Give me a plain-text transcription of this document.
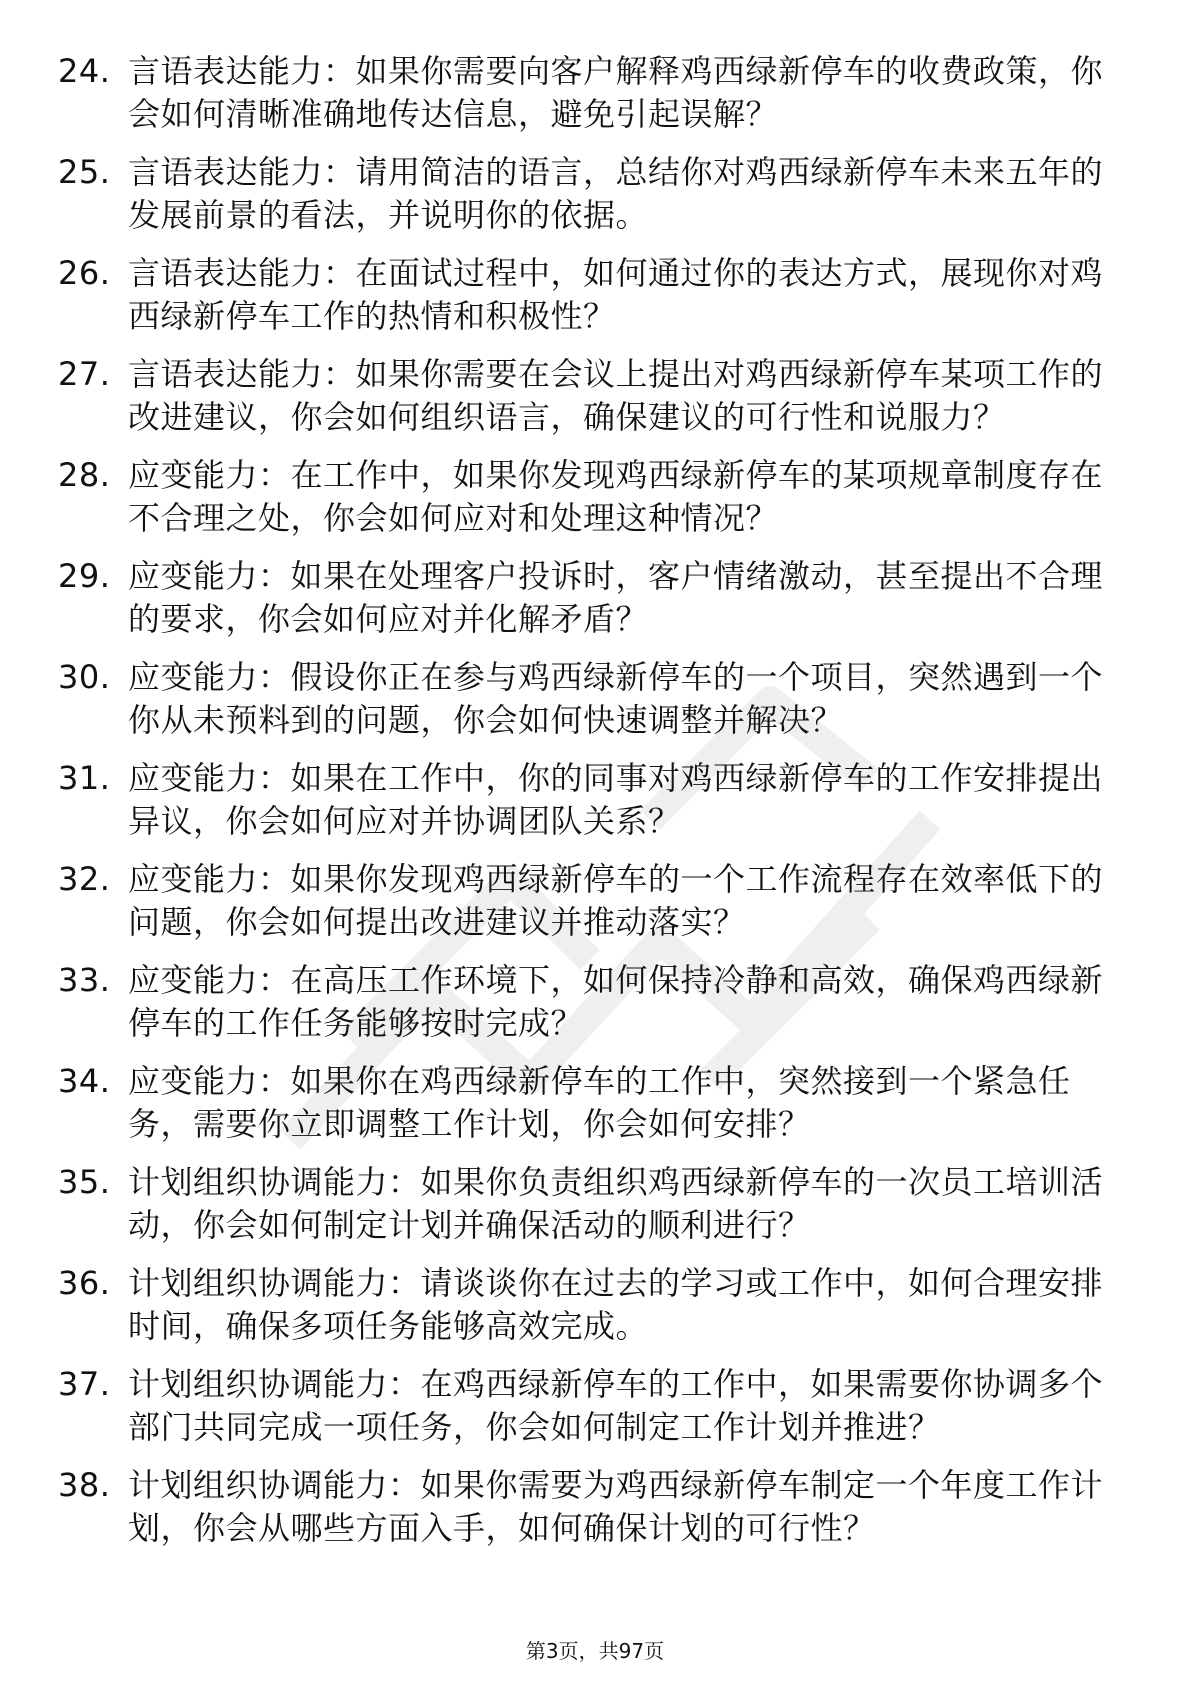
24. 言语表达能力：如果你需要向客户解释鸡西绿新停车的收费政策，你会如何清晰准确地传达信息，避免引起误解？
25. 言语表达能力：请用简洁的语言，总结你对鸡西绿新停车未来五年的发展前景的看法，并说明你的依据。
26. 言语表达能力：在面试过程中，如何通过你的表达方式，展现你对鸡西绿新停车工作的热情和积极性？
27. 言语表达能力：如果你需要在会议上提出对鸡西绿新停车某项工作的改进建议，你会如何组织语言，确保建议的可行性和说服力？
28. 应变能力：在工作中，如果你发现鸡西绿新停车的某项规章制度存在不合理之处，你会如何应对和处理这种情况？
29. 应变能力：如果在处理客户投诉时，客户情绪激动，甚至提出不合理的要求，你会如何应对并化解矛盾？
30. 应变能力：假设你正在参与鸡西绿新停车的一个项目，突然遇到一个你从未预料到的问题，你会如何快速调整并解决？
31. 应变能力：如果在工作中，你的同事对鸡西绿新停车的工作安排提出异议，你会如何应对并协调团队关系？
32. 应变能力：如果你发现鸡西绿新停车的一个工作流程存在效率低下的问题，你会如何提出改进建议并推动落实？
33. 应变能力：在高压工作环境下，如何保持冷静和高效，确保鸡西绿新停车的工作任务能够按时完成？
34. 应变能力：如果你在鸡西绿新停车的工作中，突然接到一个紧急任务，需要你立即调整工作计划，你会如何安排？
35. 计划组织协调能力：如果你负责组织鸡西绿新停车的一次员工培训活动，你会如何制定计划并确保活动的顺利进行？
36. 计划组织协调能力：请谈谈你在过去的学习或工作中，如何合理安排时间，确保多项任务能够高效完成。
37. 计划组织协调能力：在鸡西绿新停车的工作中，如果需要你协调多个部门共同完成一项任务，你会如何制定工作计划并推进？
38. 计划组织协调能力：如果你需要为鸡西绿新停车制定一个年度工作计划，你会从哪些方面入手，如何确保计划的可行性？
第3页，共97页
